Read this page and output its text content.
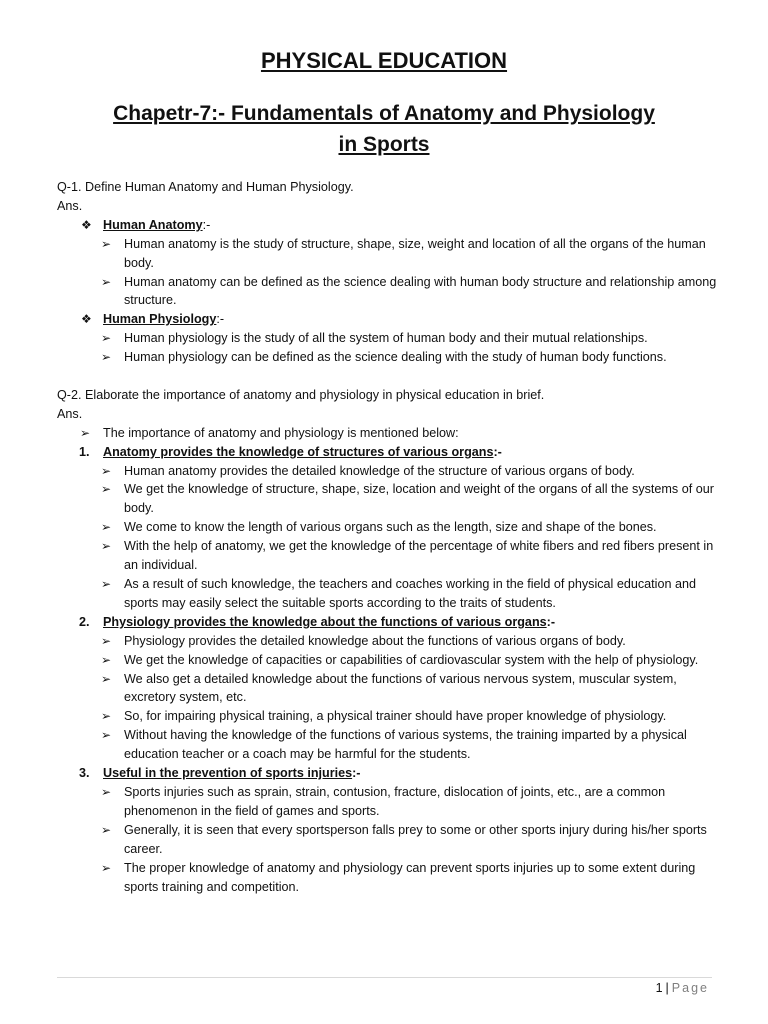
PHYSICAL EDUCATION
Chapetr-7:- Fundamentals of Anatomy and Physiology
in Sports
Q-1. Define Human Anatomy and Human Physiology.
Ans.
❖ Human Anatomy:-
➢ Human anatomy is the study of structure, shape, size, weight and location of all the organs of the human body.
➢ Human anatomy can be defined as the science dealing with human body structure and relationship among structure.
❖ Human Physiology:-
➢ Human physiology is the study of all the system of human body and their mutual relationships.
➢ Human physiology can be defined as the science dealing with the study of human body functions.
Q-2. Elaborate the importance of anatomy and physiology in physical education in brief.
Ans.
➢ The importance of anatomy and physiology is mentioned below:
1. Anatomy provides the knowledge of structures of various organs:-
➢ Human anatomy provides the detailed knowledge of the structure of various organs of body.
➢ We get the knowledge of structure, shape, size, location and weight of the organs of all the systems of our body.
➢ We come to know the length of various organs such as the length, size and shape of the bones.
➢ With the help of anatomy, we get the knowledge of the percentage of white fibers and red fibers present in an individual.
➢ As a result of such knowledge, the teachers and coaches working in the field of physical education and sports may easily select the suitable sports according to the traits of students.
2. Physiology provides the knowledge about the functions of various organs:-
➢ Physiology provides the detailed knowledge about the functions of various organs of body.
➢ We get the knowledge of capacities or capabilities of cardiovascular system with the help of physiology.
➢ We also get a detailed knowledge about the functions of various nervous system, muscular system, excretory system, etc.
➢ So, for impairing physical training, a physical trainer should have proper knowledge of physiology.
➢ Without having the knowledge of the functions of various systems, the training imparted by a physical education teacher or a coach may be harmful for the students.
3. Useful in the prevention of sports injuries:-
➢ Sports injuries such as sprain, strain, contusion, fracture, dislocation of joints, etc., are a common phenomenon in the field of games and sports.
➢ Generally, it is seen that every sportsperson falls prey to some or other sports injury during his/her sports career.
➢ The proper knowledge of anatomy and physiology can prevent sports injuries up to some extent during sports training and competition.
1 | Page
